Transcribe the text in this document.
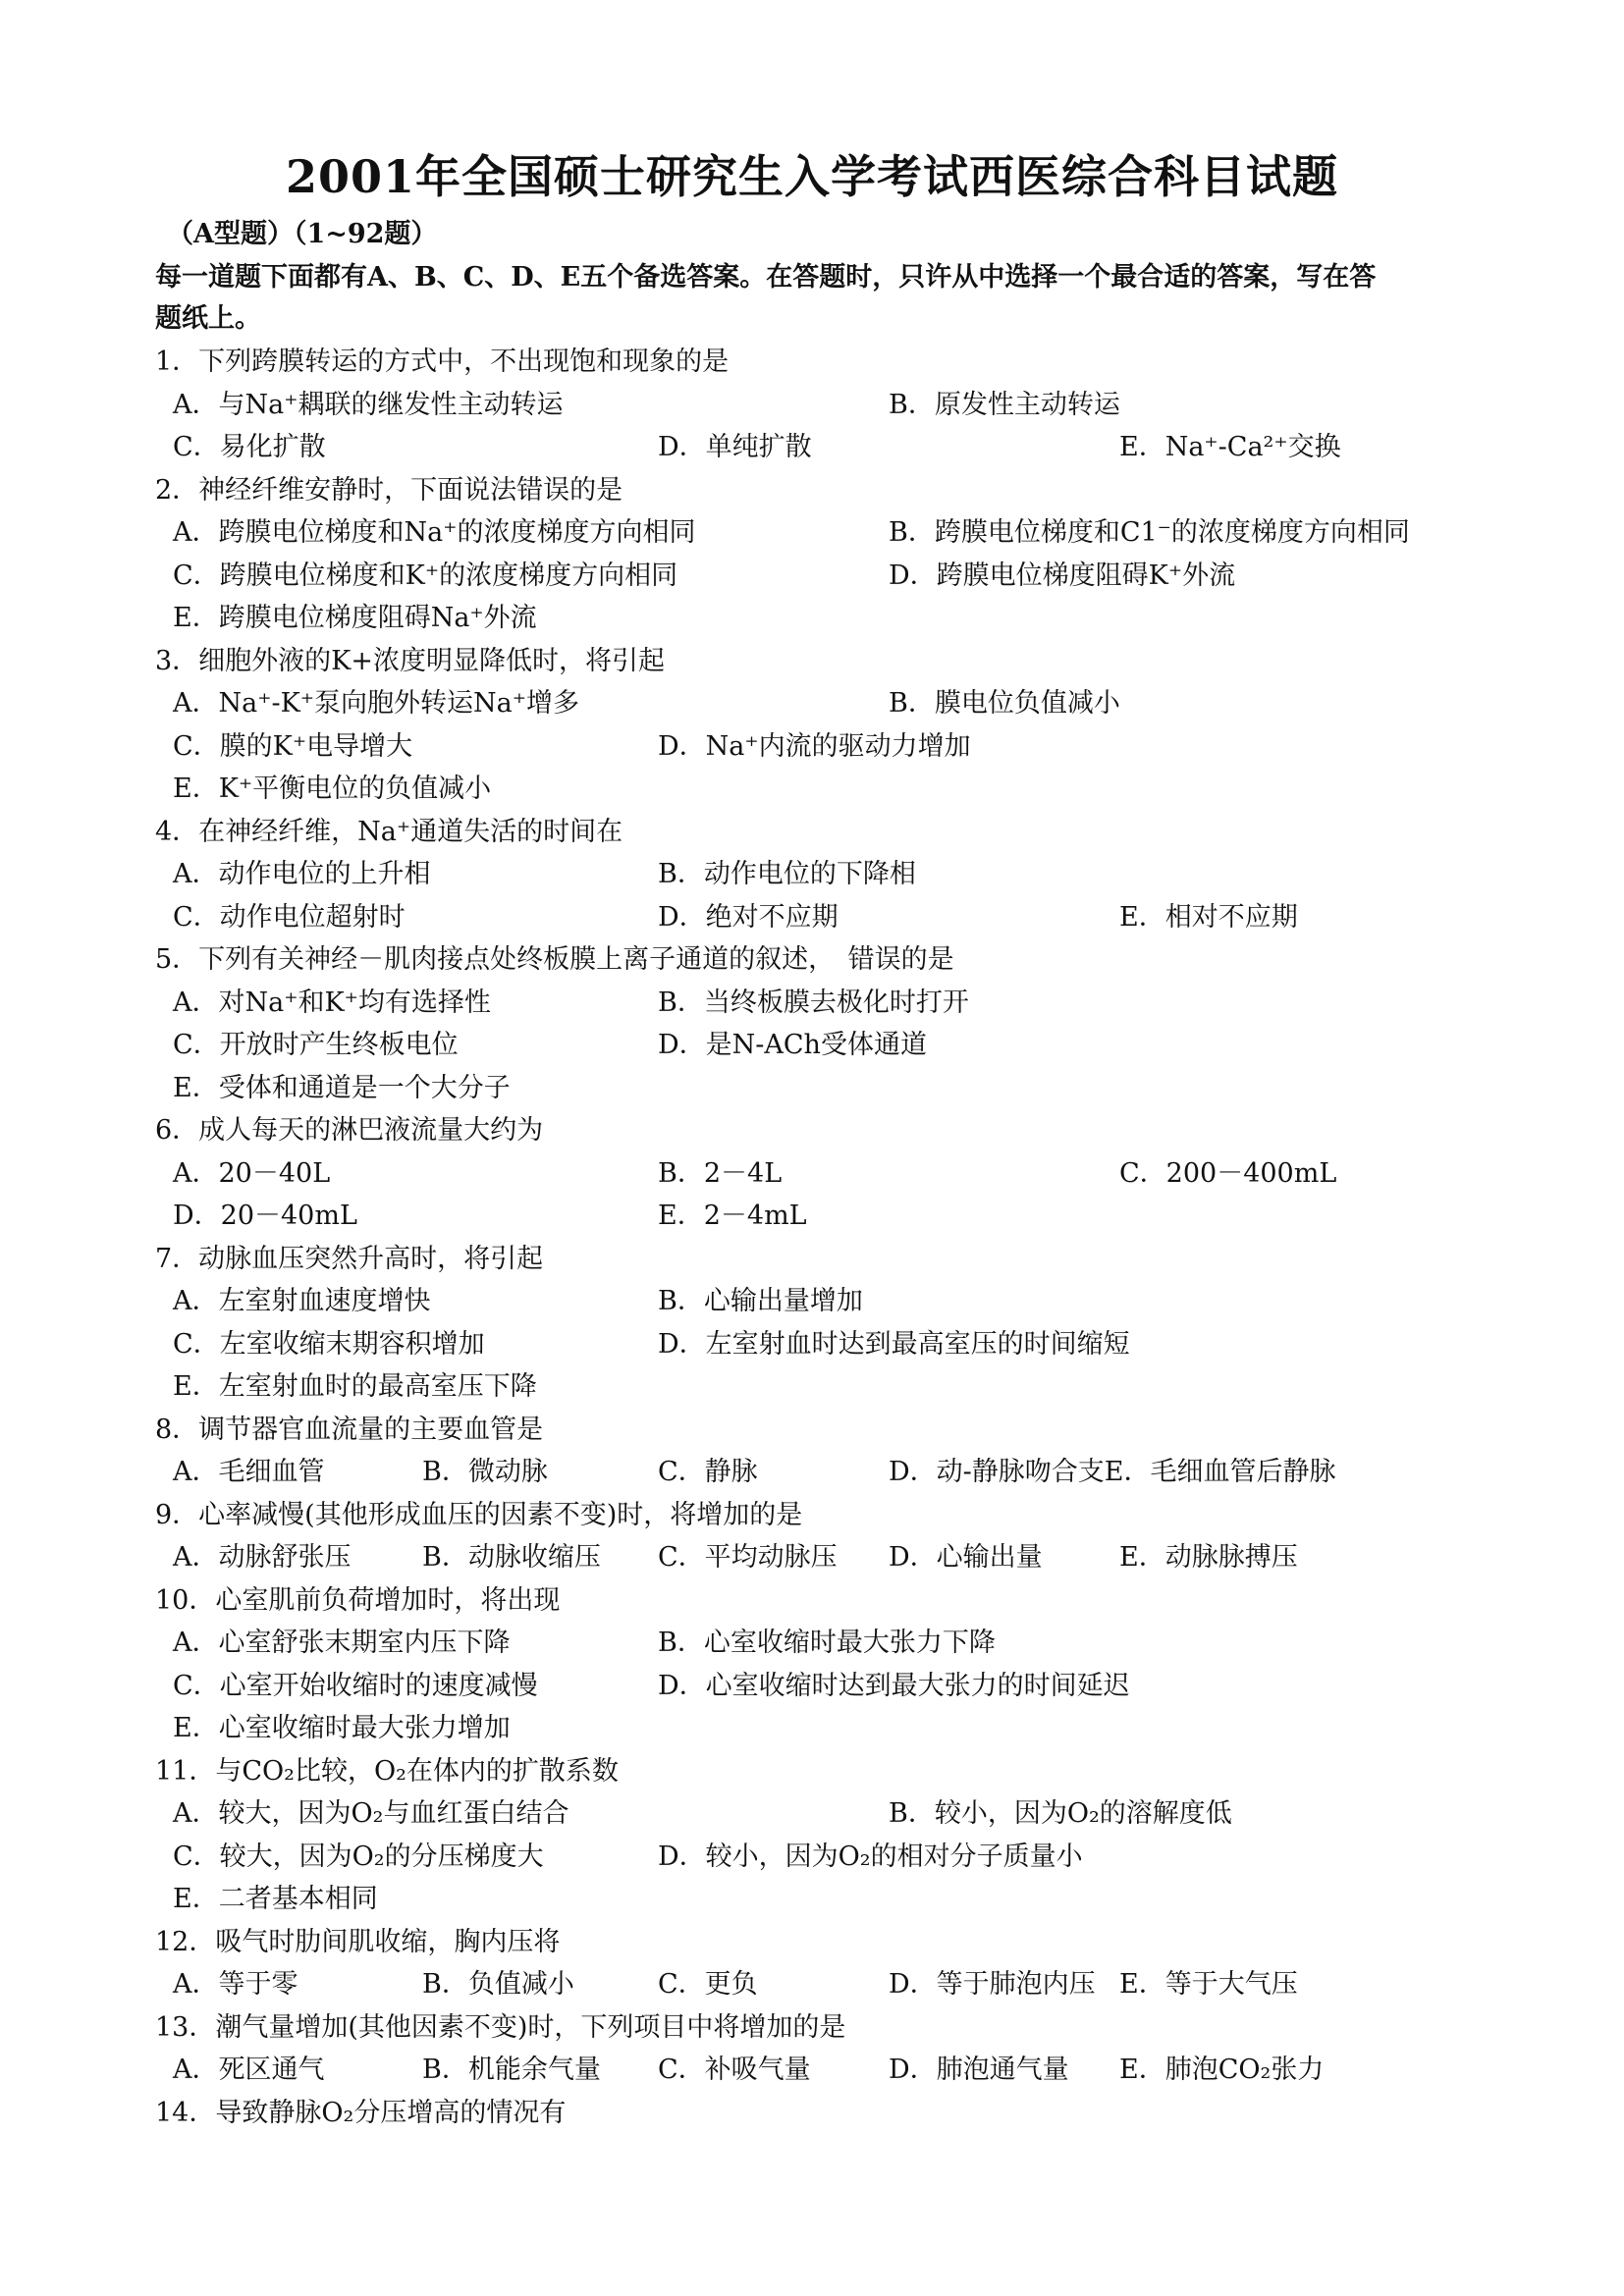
2001年全国硕士研究生入学考试西医综合科目试题
（A型题）（1~92题）
每一道题下面都有A、B、C、D、E五个备选答案。在答题时，只许从中选择一个最合适的答案，写在答
题纸上。
1．下列跨膜转运的方式中，不出现饱和现象的是
A．与Na⁺耦联的继发性主动转运	B．原发性主动转运
C．易化扩散	D．单纯扩散	E．Na⁺-Ca²⁺交换
2．神经纤维安静时，下面说法错误的是
A．跨膜电位梯度和Na⁺的浓度梯度方向相同	B．跨膜电位梯度和C1⁻的浓度梯度方向相同
C．跨膜电位梯度和K⁺的浓度梯度方向相同	D．跨膜电位梯度阻碍K⁺外流
E．跨膜电位梯度阻碍Na⁺外流
3．细胞外液的K+浓度明显降低时，将引起
A．Na⁺-K⁺泵向胞外转运Na⁺增多	B．膜电位负值减小
C．膜的K⁺电导增大	D．Na⁺内流的驱动力增加
E．K⁺平衡电位的负值减小
4．在神经纤维，Na⁺通道失活的时间在
A．动作电位的上升相	B．动作电位的下降相
C．动作电位超射时	D．绝对不应期	E．相对不应期
5．下列有关神经－肌肉接点处终板膜上离子通道的叙述，　错误的是
A．对Na⁺和K⁺均有选择性	B．当终板膜去极化时打开
C．开放时产生终板电位	D．是N-ACh受体通道
E．受体和通道是一个大分子
6．成人每天的淋巴液流量大约为
A．20－40L	B．2－4L	C．200－400mL
D．20－40mL	E．2－4mL
7．动脉血压突然升高时，将引起
A．左室射血速度增快	B．心输出量增加
C．左室收缩末期容积增加	D．左室射血时达到最高室压的时间缩短
E．左室射血时的最高室压下降
8．调节器官血流量的主要血管是
A．毛细血管	B．微动脉	C．静脉	D．动-静脉吻合支E．毛细血管后静脉
9．心率减慢(其他形成血压的因素不变)时，将增加的是
A．动脉舒张压	B．动脉收缩压 C．平均动脉压 D．心输出量	E．动脉脉搏压
10．心室肌前负荷增加时，将出现
A．心室舒张末期室内压下降	B．心室收缩时最大张力下降
C．心室开始收缩时的速度减慢	D．心室收缩时达到最大张力的时间延迟
E．心室收缩时最大张力增加
11．与CO₂比较，O₂在体内的扩散系数
A．较大，因为O₂与血红蛋白结合	B．较小，因为O₂的溶解度低
C．较大，因为O₂的分压梯度大	D．较小，因为O₂的相对分子质量小
E．二者基本相同
12．吸气时肋间肌收缩，胸内压将
A．等于零	B．负值减小	C．更负	D．等于肺泡内压 E．等于大气压
13．潮气量增加(其他因素不变)时，下列项目中将增加的是
A．死区通气	B．机能余气量 C．补吸气量	D．肺泡通气量 E．肺泡CO₂张力
14．导致静脉O₂分压增高的情况有
